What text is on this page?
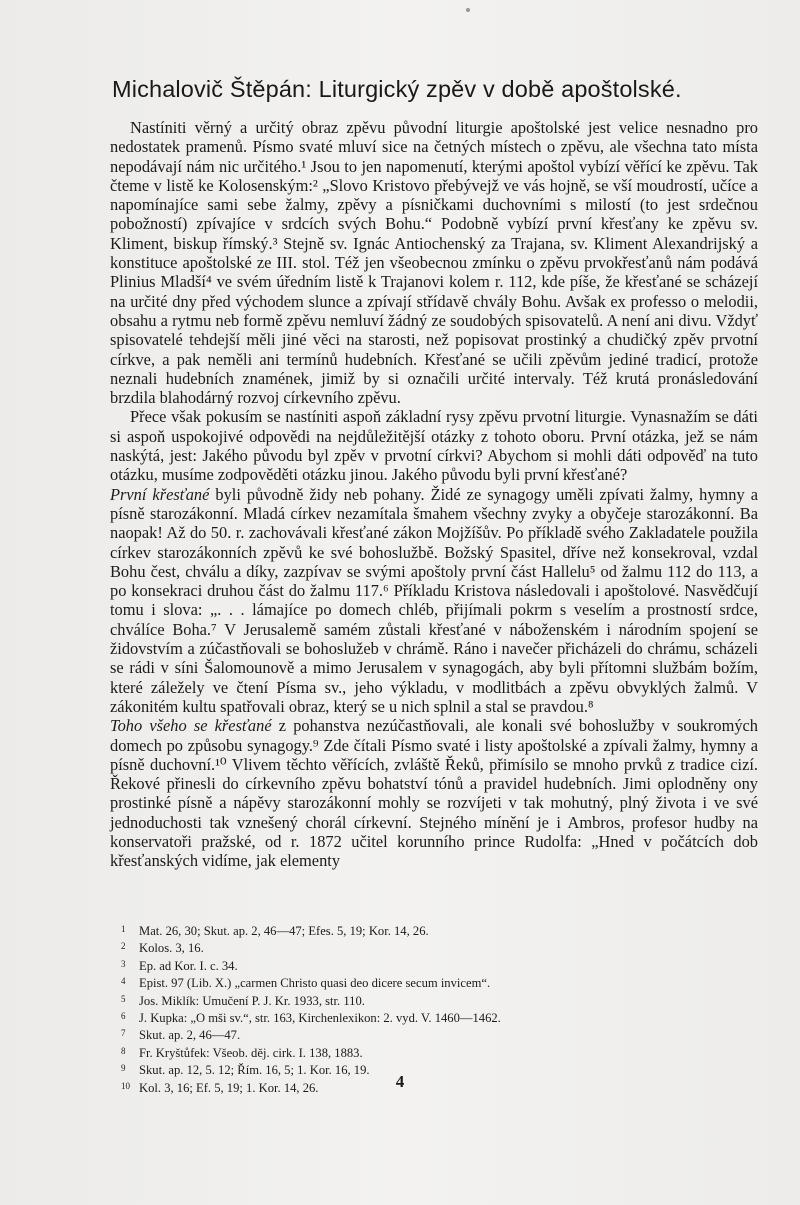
Michalovič Štěpán: Liturgický zpěv v době apoštolské.

Nastíniti věrný a určitý obraz zpěvu původní liturgie apoštolské jest velice nesnadno pro nedostatek pramenů. Písmo svaté mluví sice na četných místech o zpěvu, ale všechna tato místa nepodávají nám nic určitého.¹ Jsou to jen napomenutí, kterými apoštol vybízí věřící ke zpěvu. Tak čteme v listě ke Kolosenským:² „Slovo Kristovo přebývejž ve vás hojně, se vší moudrostí, učíce a napomínajíce sami sebe žalmy, zpěvy a písničkami duchovními s milostí (to jest srdečnou pobožností) zpívajíce v srdcích svých Bohu.“ Podobně vybízí první křesťany ke zpěvu sv. Kliment, biskup římský.³ Stejně sv. Ignác Antiochenský za Trajana, sv. Kliment Alexandrijský a konstituce apoštolské ze III. stol. Též jen všeobecnou zmínku o zpěvu prvokřesťanů nám podává Plinius Mladší⁴ ve svém úředním listě k Trajanovi kolem r. 112, kde píše, že křesťané se scházejí na určité dny před východem slunce a zpívají střídavě chvály Bohu. Avšak ex professo o melodii, obsahu a rytmu neb formě zpěvu nemluví žádný ze soudobých spisovatelů. A není ani divu. Vždyť spisovatelé tehdejší měli jiné věci na starosti, než popisovat prostinký a chudičký zpěv prvotní církve, a pak neměli ani termínů hudebních. Křesťané se učili zpěvům jediné tradicí, protože neznali hudebních znamének, jimiž by si označili určité intervaly. Též krutá pronásledování brzdila blahodárný rozvoj církevního zpěvu.

Přece však pokusím se nastíniti aspoň základní rysy zpěvu prvotní liturgie. Vynasnažím se dáti si aspoň uspokojivé odpovědi na nejdůležitější otázky z tohoto oboru. První otázka, jež se nám naskýtá, jest: Jakého původu byl zpěv v prvotní církvi? Abychom si mohli dáti odpověď na tuto otázku, musíme zodpověděti otázku jinou. Jakého původu byli první křesťané?

První křesťané byli původně židy neb pohany. Židé ze synagogy uměli zpívati žalmy, hymny a písně starozákonní. Mladá církev nezamítala šmahem všechny zvyky a obyčeje starozákonní. Ba naopak! Až do 50. r. zachovávali křesťané zákon Mojžíšův. Po příkladě svého Zakladatele použila církev starozákonních zpěvů ke své bohoslužbě. Božský Spasitel, dříve než konsekroval, vzdal Bohu čest, chválu a díky, zazpívav se svými apoštoly první část Hallelu⁵ od žalmu 112 do 113, a po konsekraci druhou část do žalmu 117.⁶ Příkladu Kristova následovali i apoštolové. Nasvědčují tomu i slova: „. . . lámajíce po domech chléb, přijímali pokrm s veselím a prostností srdce, chválíce Boha.⁷ V Jerusalemě samém zůstali křesťané v náboženském i národním spojení se židovstvím a zúčastňovali se bohoslužeb v chrámě. Ráno i navečer přicházeli do chrámu, scházeli se rádi v síni Šalomounově a mimo Jerusalem v synagogách, aby byli přítomni službám božím, které záležely ve čtení Písma sv., jeho výkladu, v modlitbách a zpěvu obvyklých žalmů. V zákonitém kultu spatřovali obraz, který se u nich splnil a stal se pravdou.⁸

Toho všeho se křesťané z pohanstva nezúčastňovali, ale konali své bohoslužby v soukromých domech po způsobu synagogy.⁹ Zde čítali Písmo svaté i listy apoštolské a zpívali žalmy, hymny a písně duchovní.¹⁰ Vlivem těchto věřících, zvláště Řeků, přimísilo se mnoho prvků z tradice cizí. Řekové přinesli do církevního zpěvu bohatství tónů a pravidel hudebních. Jimi oplodněny ony prostinké písně a nápěvy starozákonní mohly se rozvíjeti v tak mohutný, plný života i ve své jednoduchosti tak vznešený chorál církevní. Stejného mínění je i Ambros, profesor hudby na konservatoři pražské, od r. 1872 učitel korunního prince Rudolfa: „Hned v počátcích dob křesťanských vidíme, jak elementy

1 Mat. 26, 30; Skut. ap. 2, 46—47; Efes. 5, 19; Kor. 14, 26.
2 Kolos. 3, 16.
3 Ep. ad Kor. I. c. 34.
4 Epist. 97 (Lib. X.) „carmen Christo quasi deo dicere secum invicem“.
5 Jos. Miklík: Umučení P. J. Kr. 1933, str. 110.
6 J. Kupka: „O mši sv.“, str. 163, Kirchenlexikon: 2. vyd. V. 1460—1462.
7 Skut. ap. 2, 46—47.
8 Fr. Kryštůfek: Všeob. děj. cirk. I. 138, 1883.
9 Skut. ap. 12, 5. 12; Řím. 16, 5; 1. Kor. 16, 19.
10 Kol. 3, 16; Ef. 5, 19; 1. Kor. 14, 26.	4
